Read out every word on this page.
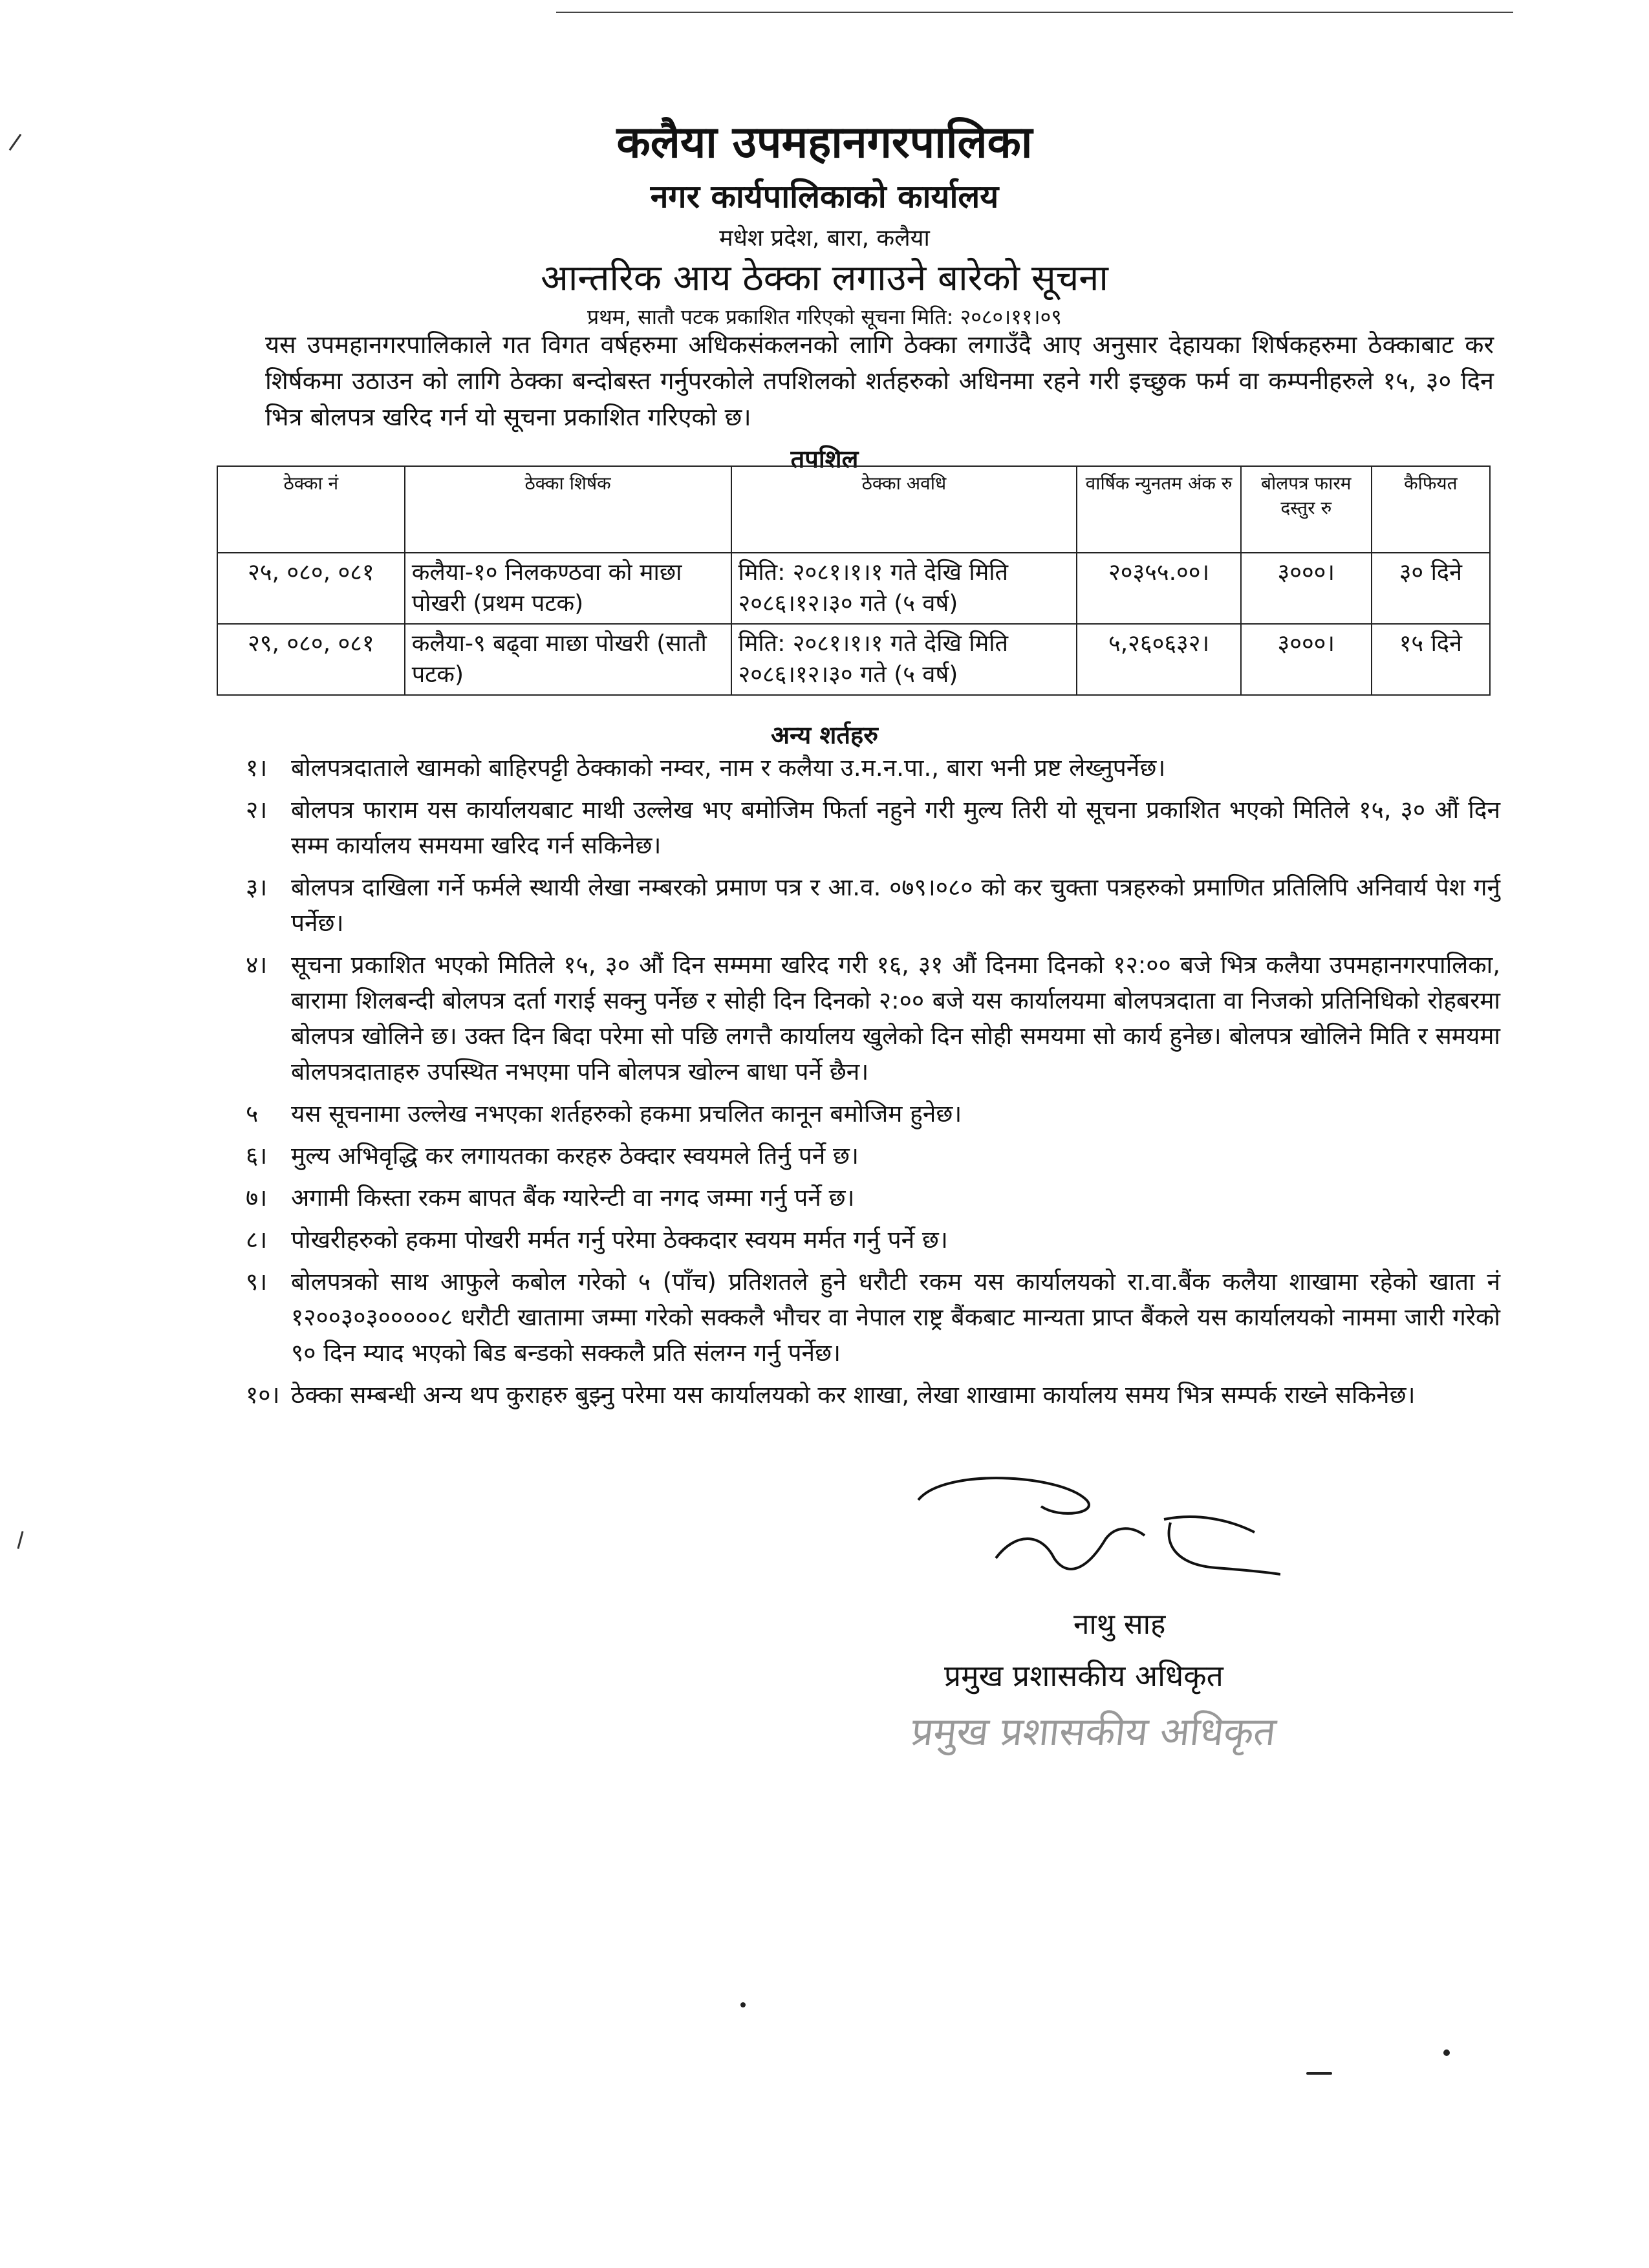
कलैया उपमहानगरपालिका
नगर कार्यपालिकाको कार्यालय
मधेश प्रदेश, बारा, कलैया
आन्तरिक आय ठेक्का लगाउने बारेको सूचना
प्रथम, सातौ पटक प्रकाशित गरिएको सूचना मिति: २०८०।११।०९
यस उपमहानगरपालिकाले गत विगत वर्षहरुमा अधिकसंकलनको लागि ठेक्का लगाउँदै आए अनुसार देहायका शिर्षकहरुमा ठेक्काबाट कर शिर्षकमा उठाउन को लागि ठेक्का बन्दोबस्त गर्नुपरकोले तपशिलको शर्तहरुको अधिनमा रहने गरी इच्छुक फर्म वा कम्पनीहरुले १५, ३० दिन भित्र बोलपत्र खरिद गर्न यो सूचना प्रकाशित गरिएको छ।
तपशिल
ठेक्का नं	ठेक्का शिर्षक	ठेक्का अवधि	वार्षिक न्युनतम अंक रु	बोलपत्र फारम दस्तुर रु	कैफियत
२५, ०८०, ०८१	कलैया-१० निलकण्ठवा को माछा पोखरी (प्रथम पटक)	मिति: २०८१।१।१ गते देखि मिति २०८६।१२।३० गते (५ वर्ष)	२०३५५.००।	३०००।	३० दिने
२९, ०८०, ०८१	कलैया-९ बढ्वा माछा पोखरी (सातौ पटक)	मिति: २०८१।१।१ गते देखि मिति २०८६।१२।३० गते (५ वर्ष)	५,२६०६३२।	३०००।	१५ दिने
अन्य शर्तहरु
१। बोलपत्रदाताले खामको बाहिरपट्टी ठेक्काको नम्वर, नाम र कलैया उ.म.न.पा., बारा भनी प्रष्ट लेख्नुपर्नेछ।
२। बोलपत्र फाराम यस कार्यालयबाट माथी उल्लेख भए बमोजिम फिर्ता नहुने गरी मुल्य तिरी यो सूचना प्रकाशित भएको मितिले १५, ३० औं दिन सम्म कार्यालय समयमा खरिद गर्न सकिनेछ।
३। बोलपत्र दाखिला गर्ने फर्मले स्थायी लेखा नम्बरको प्रमाण पत्र र आ.व. ०७९।०८० को कर चुक्ता पत्रहरुको प्रमाणित प्रतिलिपि अनिवार्य पेश गर्नु पर्नेछ।
४। सूचना प्रकाशित भएको मितिले १५, ३० औं दिन सम्ममा खरिद गरी १६, ३१ औं दिनमा दिनको १२:०० बजे भित्र कलैया उपमहानगरपालिका, बारामा शिलबन्दी बोलपत्र दर्ता गराई सक्नु पर्नेछ र सोही दिन दिनको २:०० बजे यस कार्यालयमा बोलपत्रदाता वा निजको प्रतिनिधिको रोहबरमा बोलपत्र खोलिने छ। उक्त दिन बिदा परेमा सो पछि लगत्तै कार्यालय खुलेको दिन सोही समयमा सो कार्य हुनेछ। बोलपत्र खोलिने मिति र समयमा बोलपत्रदाताहरु उपस्थित नभएमा पनि बोलपत्र खोल्न बाधा पर्ने छैन।
५	यस सूचनामा उल्लेख नभएका शर्तहरुको हकमा प्रचलित कानून बमोजिम हुनेछ।
६। मुल्य अभिवृद्धि कर लगायतका करहरु ठेक्दार स्वयमले तिर्नु पर्ने छ।
७। अगामी किस्ता रकम बापत बैंक ग्यारेन्टी वा नगद जम्मा गर्नु पर्ने छ।
८। पोखरीहरुको हकमा पोखरी मर्मत गर्नु परेमा ठेक्कदार स्वयम मर्मत गर्नु पर्ने छ।
९। बोलपत्रको साथ आफुले कबोल गरेको ५ (पाँच) प्रतिशतले हुने धरौटी रकम यस कार्यालयको रा.वा.बैंक कलैया शाखामा रहेको खाता नं १२००३०३०००००८ धरौटी खातामा जम्मा गरेको सक्कलै भौचर वा नेपाल राष्ट्र बैंकबाट मान्यता प्राप्त बैंकले यस कार्यालयको नाममा जारी गरेको ९० दिन म्याद भएको बिड बन्डको सक्कलै प्रति संलग्न गर्नु पर्नेछ।
१०। ठेक्का सम्बन्धी अन्य थप कुराहरु बुझ्नु परेमा यस कार्यालयको कर शाखा, लेखा शाखामा कार्यालय समय भित्र सम्पर्क राख्ने सकिनेछ।
नाथु साह
प्रमुख प्रशासकीय अधिकृत
प्रमुख प्रशासकीय अधिकृत
